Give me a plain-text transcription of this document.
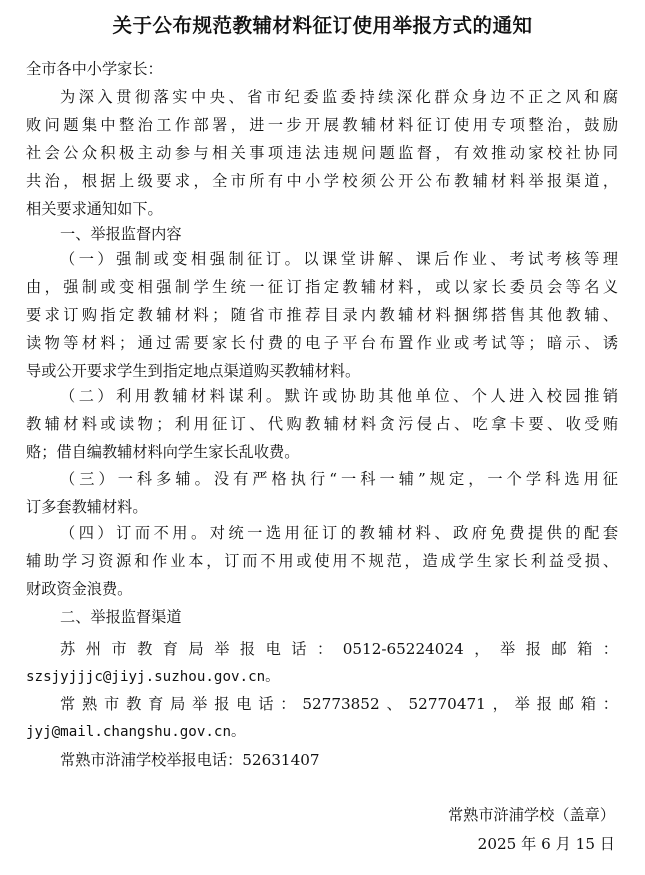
关于公布规范教辅材料征订使用举报方式的通知
全市各中小学家长：
为深入贯彻落实中央、省市纪委监委持续深化群众身边不正之风和腐
败问题集中整治工作部署，进一步开展教辅材料征订使用专项整治，鼓励
社会公众积极主动参与相关事项违法违规问题监督，有效推动家校社协同
共治，根据上级要求，全市所有中小学校须公开公布教辅材料举报渠道，
相关要求通知如下。
一、举报监督内容
（一）强制或变相强制征订。以课堂讲解、课后作业、考试考核等理
由，强制或变相强制学生统一征订指定教辅材料，或以家长委员会等名义
要求订购指定教辅材料；随省市推荐目录内教辅材料捆绑搭售其他教辅、
读物等材料；通过需要家长付费的电子平台布置作业或考试等；暗示、诱
导或公开要求学生到指定地点渠道购买教辅材料。
（二）利用教辅材料谋利。默许或协助其他单位、个人进入校园推销
教辅材料或读物；利用征订、代购教辅材料贪污侵占、吃拿卡要、收受贿
赂；借自编教辅材料向学生家长乱收费。
（三）一科多辅。没有严格执行“一科一辅”规定，一个学科选用征
订多套教辅材料。
（四）订而不用。对统一选用征订的教辅材料、政府免费提供的配套
辅助学习资源和作业本，订而不用或使用不规范，造成学生家长利益受损、
财政资金浪费。
二、举报监督渠道
苏州市教育局举报电话：0512-65224024，举报邮箱：
szsjyjjjc@jiyj.suzhou.gov.cn。
常熟市教育局举报电话：52773852、52770471，举报邮箱：
jyj@mail.changshu.gov.cn。
常熟市浒浦学校举报电话：52631407
常熟市浒浦学校（盖章）
2025 年 6 月 15 日
